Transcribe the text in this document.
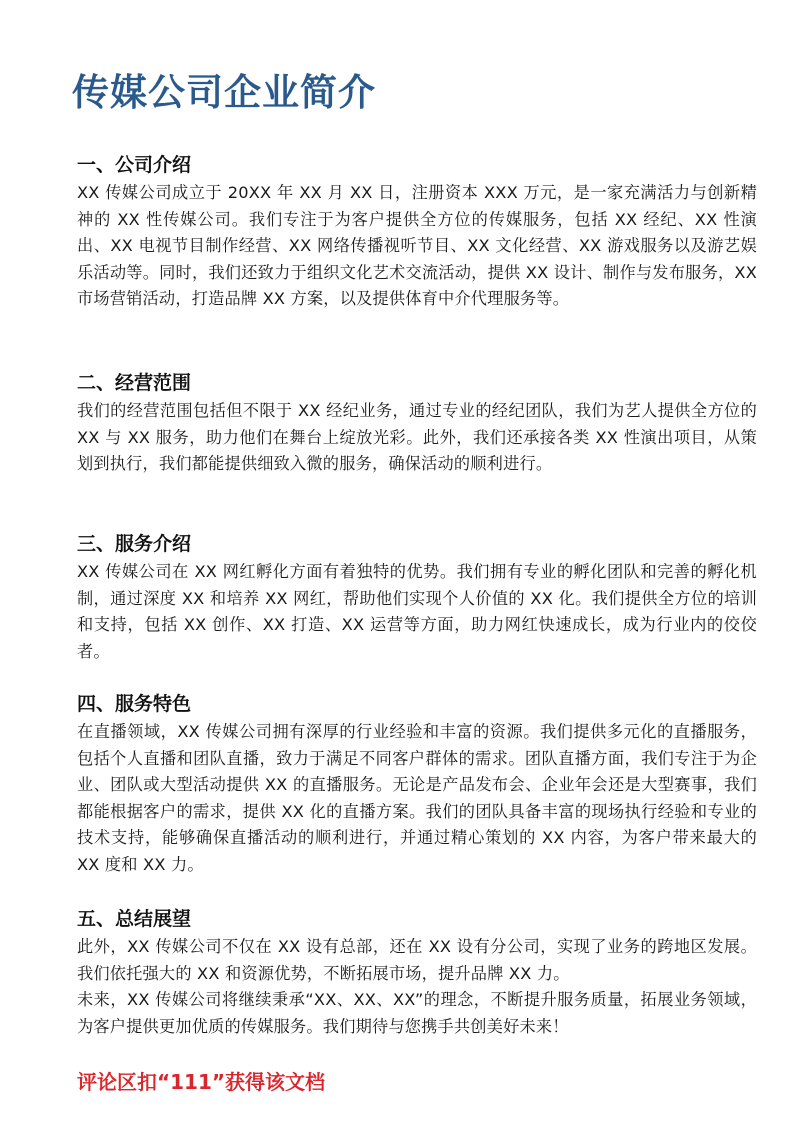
传媒公司企业简介
一、公司介绍

XX 传媒公司成立于 20XX 年 XX 月 XX 日，注册资本 XXX 万元，是一家充满活力与创新精神的 XX 性传媒公司。我们专注于为客户提供全方位的传媒服务，包括 XX 经纪、XX 性演出、XX 电视节目制作经营、XX 网络传播视听节目、XX 文化经营、XX 游戏服务以及游艺娱乐活动等。同时，我们还致力于组织文化艺术交流活动，提供 XX 设计、制作与发布服务，XX 市场营销活动，打造品牌 XX 方案，以及提供体育中介代理服务等。

二、经营范围

我们的经营范围包括但不限于 XX 经纪业务，通过专业的经纪团队，我们为艺人提供全方位的 XX 与 XX 服务，助力他们在舞台上绽放光彩。此外，我们还承接各类 XX 性演出项目，从策划到执行，我们都能提供细致入微的服务，确保活动的顺利进行。

三、服务介绍

XX 传媒公司在 XX 网红孵化方面有着独特的优势。我们拥有专业的孵化团队和完善的孵化机制，通过深度 XX 和培养 XX 网红，帮助他们实现个人价值的 XX 化。我们提供全方位的培训和支持，包括 XX 创作、XX 打造、XX 运营等方面，助力网红快速成长，成为行业内的佼佼者。

四、服务特色

在直播领域，XX 传媒公司拥有深厚的行业经验和丰富的资源。我们提供多元化的直播服务，包括个人直播和团队直播，致力于满足不同客户群体的需求。团队直播方面，我们专注于为企业、团队或大型活动提供 XX 的直播服务。无论是产品发布会、企业年会还是大型赛事，我们都能根据客户的需求，提供 XX 化的直播方案。我们的团队具备丰富的现场执行经验和专业的技术支持，能够确保直播活动的顺利进行，并通过精心策划的 XX 内容，为客户带来最大的 XX 度和 XX 力。

五、总结展望

此外，XX 传媒公司不仅在 XX 设有总部，还在 XX 设有分公司，实现了业务的跨地区发展。我们依托强大的 XX 和资源优势，不断拓展市场，提升品牌 XX 力。

未来，XX 传媒公司将继续秉承“XX、XX、XX”的理念，不断提升服务质量，拓展业务领域，为客户提供更加优质的传媒服务。我们期待与您携手共创美好未来！

评论区扣“111”获得该文档
